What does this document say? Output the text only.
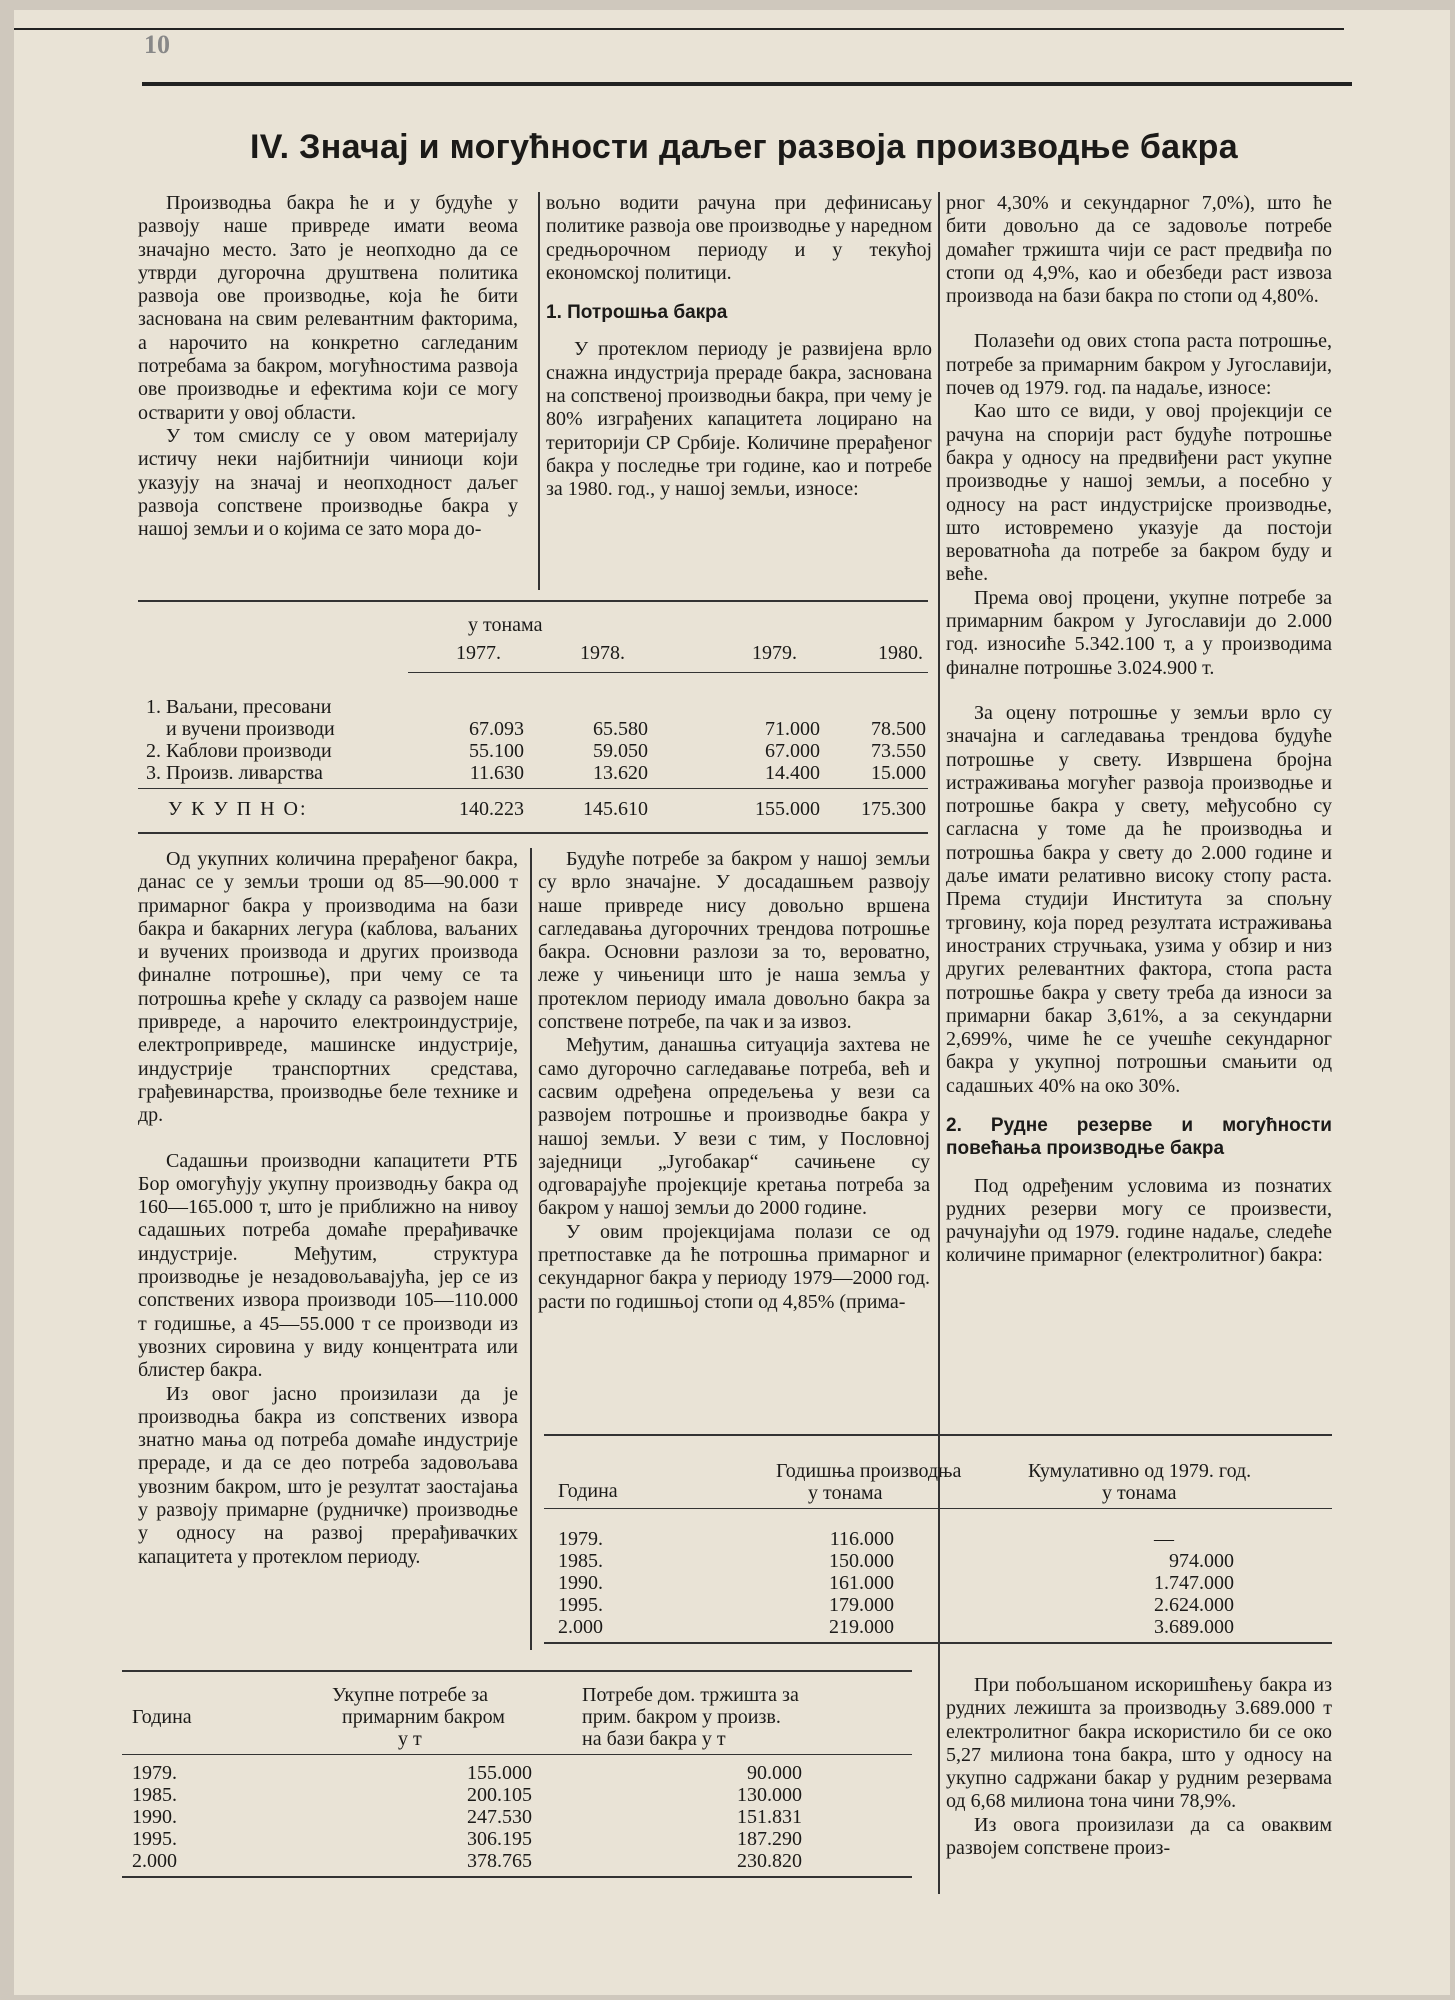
10
IV. Значај и могућности даљег развоја производње бакра

Производња бакра ће и у будуће у развоју наше привреде имати веома значајно место. Зато је неопходно да се утврди дугорочна друштвена политика развоја ове производње, која ће бити заснована на свим релевантним факторима, а нарочито на конкретно сагледаним потребама за бакром, могућностима развоја ове производње и ефектима који се могу остварити у овој области.

У том смислу се у овом материјалу истичу неки најбитнији чиниоци који указују на значај и неопходност даљег развоја сопствене производње бакра у нашој земљи и о којима се зато мора до-

вољно водити рачуна при дефинисању политике развоја ове производње у наредном средњорочном периоду и у текућој економској политици.

1. Потрошња бакра

У протеклом периоду је развијена врло снажна индустрија прераде бакра, заснована на сопственој производњи бакра, при чему је 80% изграђених капацитета лоцирано на територији СР Србије. Количине прерађеног бакра у последње три године, као и потребе за 1980. год., у нашој земљи, износе:

рног 4,30% и секундарног 7,0%), што ће бити довољно да се задовоље потребе домаћег тржишта чији се раст предвиђа по стопи од 4,9%, као и обезбеди раст извоза производа на бази бакра по стопи од 4,80%.

Полазећи од ових стопа раста потрошње, потребе за примарним бакром у Југославији, почев од 1979. год. па надаље, износе:

Као што се види, у овој пројекцији се рачуна на спорији раст будуће потрошње бакра у односу на предвиђени раст укупне производње у нашој земљи, а посебно у односу на раст индустријске производње, што истовремено указује да постоји вероватноћа да потребе за бакром буду и веће.

Према овој процени, укупне потребе за примарним бакром у Југославији до 2.000 год. износиће 5.342.100 т, а у производима финалне потрошње 3.024.900 т.

За оцену потрошње у земљи врло су значајна и сагледавања трендова будуће потрошње у свету. Извршена бројна истраживања могућег развоја производње и потрошње бакра у свету, међусобно су сагласна у томе да ће производња и потрошња бакра у свету до 2.000 године и даље имати релативно високу стопу раста. Према студији Института за спољну трговину, која поред резултата истраживања иностраних стручњака, узима у обзир и низ других релевантних фактора, стопа раста потрошње бакра у свету треба да износи за примарни бакар 3,61%, а за секундарни 2,699%, чиме ће се учешће секундарног бакра у укупној потрошњи смањити од садашњих 40% на око 30%.

2. Рудне резерве и могућности повећања производње бакра

Под одређеним условима из познатих рудних резерви могу се произвести, рачунајући од 1979. године надаље, следеће количине примарног (електролитног) бакра:

у тонама
1977.	1978.	1979.	1980.
1. Ваљани, пресовани
и вучени производи	67.093	65.580	71.000	78.500
2. Каблови производи	55.100	59.050	67.000	73.550
3. Произв. ливарства	11.630	13.620	14.400	15.000
У К У П Н О:	140.223	145.610	155.000	175.300

Од укупних количина прерађеног бакра, данас се у земљи троши од 85—90.000 т примарног бакра у производима на бази бакра и бакарних легура (каблова, ваљаних и вучених производа и других производа финалне потрошње), при чему се та потрошња креће у складу са развојем наше привреде, а нарочито електроиндустрије, електропривреде, машинске индустрије, индустрије транспортних средстава, грађевинарства, производње беле технике и др.

Садашњи производни капацитети РТБ Бор омогућују укупну производњу бакра од 160—165.000 т, што је приближно на нивоу садашњих потреба домаће прерађивачке индустрије. Међутим, структура производње је незадовољавајућа, јер се из сопствених извора производи 105—110.000 т годишње, а 45—55.000 т се производи из увозних сировина у виду концентрата или блистер бакра.

Из овог јасно произилази да је производња бакра из сопствених извора знатно мања од потреба домаће индустрије прераде, и да се део потреба задовољава увозним бакром, што је резултат заостајања у развоју примарне (рудничке) производње у односу на развој прерађивачких капацитета у протеклом периоду.

Будуће потребе за бакром у нашој земљи су врло значајне. У досадашњем развоју наше привреде нису довољно вршена сагледавања дугорочних трендова потрошње бакра. Основни разлози за то, вероватно, леже у чињеници што је наша земља у протеклом периоду имала довољно бакра за сопствене потребе, па чак и за извоз.

Међутим, данашња ситуација захтева не само дугорочно сагледавање потреба, већ и сасвим одређена опредељења у вези са развојем потрошње и производње бакра у нашој земљи. У вези с тим, у Пословној заједници „Југобакар“ сачињене су одговарајуће пројекције кретања потреба за бакром у нашој земљи до 2000 године.

У овим пројекцијама полази се од претпоставке да ће потрошња примарног и секундарног бакра у периоду 1979—2000 год. расти по годишњој стопи од 4,85% (прима-

Година
Годишња производња
у тонама
Кумулативно од 1979. год.
у тонама
1979.	116.000	—
1985.	150.000	974.000
1990.	161.000	1.747.000
1995.	179.000	2.624.000
2.000	219.000	3.689.000
Година
Укупне потребе за
примарним бакром
у т
Потребе дом. тржишта за
прим. бакром у произв.
на бази бакра у т
1979.	155.000	90.000
1985.	200.105	130.000
1990.	247.530	151.831
1995.	306.195	187.290
2.000	378.765	230.820

При побољшаном искоришћењу бакра из рудних лежишта за производњу 3.689.000 т електролитног бакра искористило би се око 5,27 милиона тона бакра, што у односу на укупно садржани бакар у рудним резервама од 6,68 милиона тона чини 78,9%.

Из овога произилази да са оваквим развојем сопствене произ-
